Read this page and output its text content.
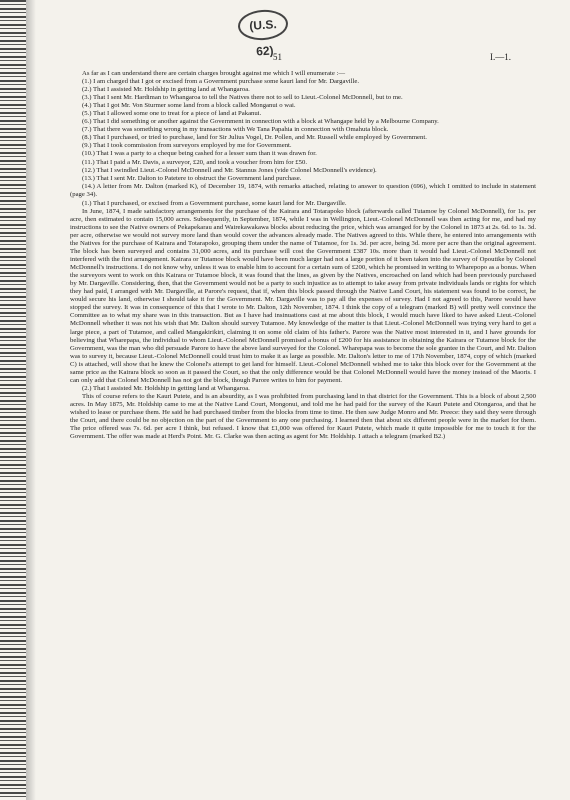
(U.S. 62) 51	I.—1.

As far as I can understand there are certain charges brought against me which I will enumerate :—

(1.) I am charged that I got or excised from a Government purchase some kauri land for Mr. Dargaville.

(2.) That I assisted Mr. Holdship in getting land at Whangaroa.

(3.) That I sent Mr. Hardiman to Whangaroa to tell the Natives there not to sell to Lieut.-Colonel McDonnell, but to me.

(4.) That I got Mr. Von Sturmer some land from a block called Monganui o wai.

(5.) That I allowed some one to treat for a piece of land at Pakanui.

(6.) That I did something or another against the Government in connection with a block at Whangape held by a Melbourne Company.

(7.) That there was something wrong in my transactions with We Tana Papahia in connection with Omahuta block.

(8.) That I purchased, or tried to purchase, land for Sir Julius Vogel, Dr. Pollen, and Mr. Russell while employed by Government.

(9.) That I took commission from surveyors employed by me for Government.

(10.) That I was a party to a cheque being cashed for a lesser sum than it was drawn for.

(11.) That I paid a Mr. Davis, a surveyor, £20, and took a voucher from him for £50.

(12.) That I swindled Lieut.-Colonel McDonnell and Mr. Stannus Jones (vide Colonel McDonnell's evidence).

(13.) That I sent Mr. Dalton to Patetere to obstruct the Government land purchase.

(14.) A letter from Mr. Dalton (marked K), of December 19, 1874, with remarks attached, relating to answer to question (696), which I omitted to include in statement (page 34).

(1.) That I purchased, or excised from a Government purchase, some kauri land for Mr. Dargaville.

In June, 1874, I made satisfactory arrangements for the purchase of the Kairara and Totarapoko block (afterwards called Tutamoe by Colonel McDonnell), for 1s. per acre, then estimated to contain 15,000 acres. Subsequently, in September, 1874, while I was in Wellington, Lieut.-Colonel McDonnell was then acting for me, and had my instructions to see the Native owners of Pekapekarau and Wairekawakawa blocks about reducing the price, which was arranged for by the Colonel in 1873 at 2s. 6d. to 1s. 3d. per acre, otherwise we would not survey more land than would cover the advances already made. The Natives agreed to this. While there, he entered into arrangements with the Natives for the purchase of Kairara and Totarapoko, grouping them under the name of Tutamoe, for 1s. 3d. per acre, being 3d. more per acre than the original agreement. The block has been surveyed and contains 31,000 acres, and its purchase will cost the Government £387 10s. more than it would had Lieut.-Colonel McDonnell not interfered with the first arrangement. Kairara or Tutamoe block would have been much larger had not a large portion of it been taken into the survey of Opoutike by Colonel McDonnell's instructions. I do not know why, unless it was to enable him to account for a certain sum of £200, which he promised in writing to Wharepopo as a bonus. When the surveyors went to work on this Kairara or Tutamoe block, it was found that the lines, as given by the Natives, encroached on land which had been previously purchased by Mr. Dargaville. Considering, then, that the Government would not be a party to such injustice as to attempt to take away from private individuals lands or rights for which they had paid, I arranged with Mr. Dargaville, at Parore's request, that if, when this block passed through the Native Land Court, his statement was found to be correct, he would secure his land, otherwise I should take it for the Government. Mr. Dargaville was to pay all the expenses of survey. Had I not agreed to this, Parore would have stopped the survey. It was in consequence of this that I wrote to Mr. Dalton, 12th November, 1874. I think the copy of a telegram (marked B) will pretty well convince the Committee as to what my share was in this transaction. But as I have had insinuations cast at me about this block, I would much have liked to have asked Lieut.-Colonel McDonnell whether it was not his wish that Mr. Dalton should survey Tutamoe. My knowledge of the matter is that Lieut.-Colonel McDonnell was trying very hard to get a large piece, a part of Tutamoe, and called Mangakirikiri, claiming it on some old claim of his father's. Parore was the Native most interested in it, and I have grounds for believing that Wharepapa, the individual to whom Lieut.-Colonel McDonnell promised a bonus of £200 for his assistance in obtaining the Kairara or Tutamoe block for the Government, was the man who did persuade Parore to have the above land surveyed for the Colonel. Wharepapa was to become the sole grantee in the Court, and Mr. Dalton was to survey it, because Lieut.-Colonel McDonnell could trust him to make it as large as possible. Mr. Dalton's letter to me of 17th November, 1874, copy of which (marked C) is attached, will show that he knew the Colonel's attempt to get land for himself. Lieut.-Colonel McDonnell wished me to take this block over for the Government at the same price as the Kairara block so soon as it passed the Court, so that the only difference would be that Colonel McDonnell would have the money instead of the Maoris. I can only add that Colonel McDonnell has not got the block, though Parore writes to him for payment.

(2.) That I assisted Mr. Holdship in getting land at Whangaroa.

This of course refers to the Kauri Putete, and is an absurdity, as I was prohibited from purchasing land in that district for the Government. This is a block of about 2,500 acres. In May 1875, Mr. Holdship came to me at the Native Land Court, Mongonui, and told me he had paid for the survey of the Kauri Putete and Otongaroa, and that he wished to lease or purchase them. He said he had purchased timber from the blocks from time to time. He then saw Judge Monro and Mr. Preece: they said they were through the Court, and there could be no objection on the part of the Government to any one purchasing. I learned then that about six different people were in the market for them. The price offered was 7s. 6d. per acre I think, but refused. I know that £1,000 was offered for Kauri Putete, which made it quite impossible for me to touch it for the Government. The offer was made at Herd's Point. Mr. G. Clarke was then acting as agent for Mr. Holdship. I attach a telegram (marked B2.)
